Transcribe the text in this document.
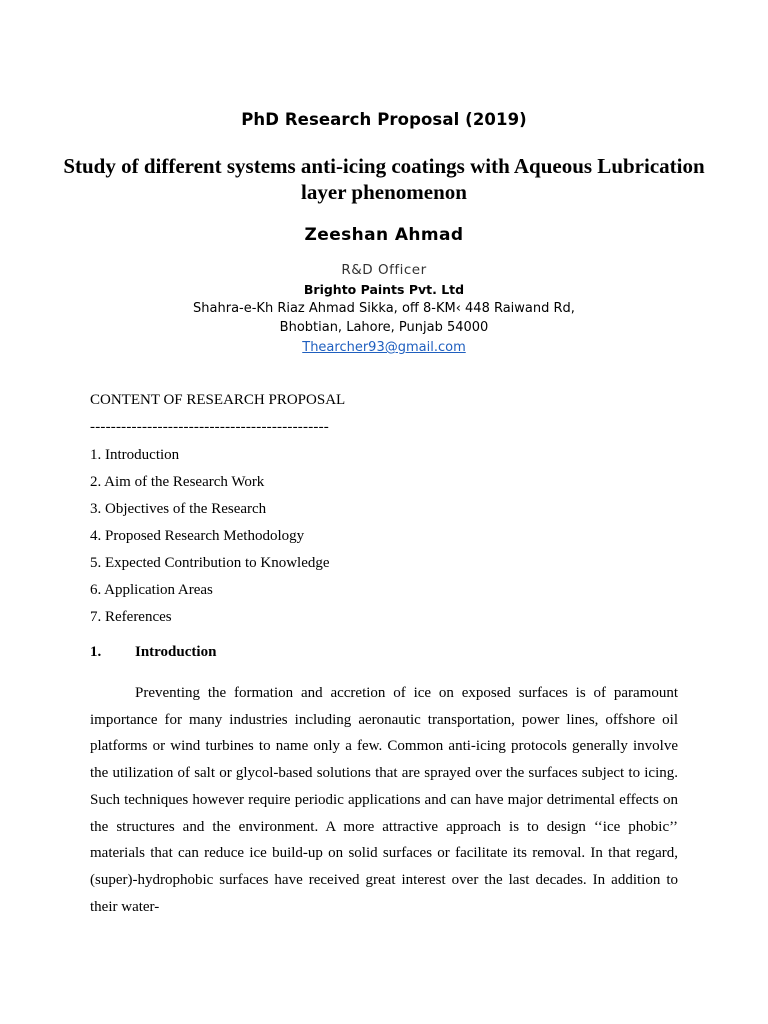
PhD Research Proposal (2019)
Study of different systems anti-icing coatings with Aqueous Lubrication layer phenomenon
Zeeshan Ahmad
R&D Officer
Brighto Paints Pvt. Ltd
Shahra-e-Kh Riaz Ahmad Sikka, off 8-KM‹ 448 Raiwand Rd,
Bhobtian, Lahore, Punjab 54000
Thearcher93@gmail.com
CONTENT OF RESEARCH PROPOSAL
----------------------------------------------
1. Introduction
2. Aim of the Research Work
3. Objectives of the Research
4. Proposed Research Methodology
5. Expected Contribution to Knowledge
6. Application Areas
7. References
1. Introduction

Preventing the formation and accretion of ice on exposed surfaces is of paramount importance for many industries including aeronautic transportation, power lines, offshore oil platforms or wind turbines to name only a few. Common anti-icing protocols generally involve the utilization of salt or glycol-based solutions that are sprayed over the surfaces subject to icing. Such techniques however require periodic applications and can have major detrimental effects on the structures and the environment. A more attractive approach is to design ‘‘ice phobic’’ materials that can reduce ice build-up on solid surfaces or facilitate its removal. In that regard, (super)-hydrophobic surfaces have received great interest over the last decades. In addition to their water-
